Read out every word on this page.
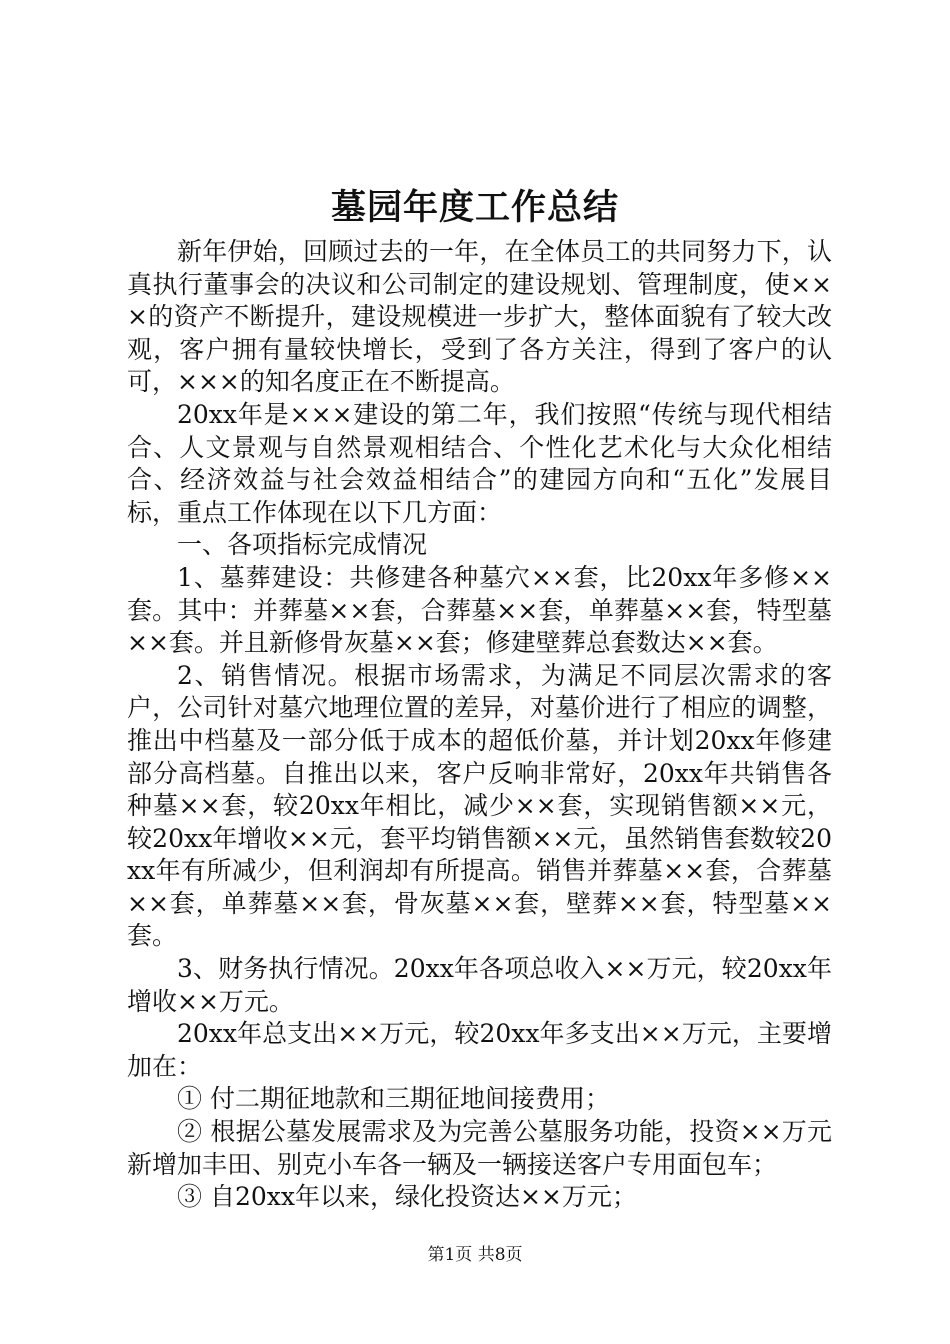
墓园年度工作总结

新年伊始，回顾过去的一年，在全体员工的共同努力下，认真执行董事会的决议和公司制定的建设规划、管理制度，使×××的资产不断提升，建设规模进一步扩大，整体面貌有了较大改观，客户拥有量较快增长，受到了各方关注，得到了客户的认可，×××的知名度正在不断提高。

20xx年是×××建设的第二年，我们按照“传统与现代相结合、人文景观与自然景观相结合、个性化艺术化与大众化相结合、经济效益与社会效益相结合”的建园方向和“五化”发展目标，重点工作体现在以下几方面：

一、各项指标完成情况

1、墓葬建设：共修建各种墓穴××套，比20xx年多修××套。其中：并葬墓××套，合葬墓××套，单葬墓××套，特型墓××套。并且新修骨灰墓××套；修建壁葬总套数达××套。

2、销售情况。根据市场需求，为满足不同层次需求的客户，公司针对墓穴地理位置的差异，对墓价进行了相应的调整，推出中档墓及一部分低于成本的超低价墓，并计划20xx年修建部分高档墓。自推出以来，客户反响非常好，20xx年共销售各种墓××套，较20xx年相比，减少××套，实现销售额××元，较20xx年增收××元，套平均销售额××元，虽然销售套数较20xx年有所减少，但利润却有所提高。销售并葬墓××套，合葬墓××套，单葬墓××套，骨灰墓××套，壁葬××套，特型墓××套。

3、财务执行情况。20xx年各项总收入××万元，较20xx年增收××万元。

20xx年总支出××万元，较20xx年多支出××万元，主要增加在：

① 付二期征地款和三期征地间接费用；

② 根据公墓发展需求及为完善公墓服务功能，投资××万元新增加丰田、别克小车各一辆及一辆接送客户专用面包车；

③ 自20xx年以来，绿化投资达××万元；

第1页 共8页
